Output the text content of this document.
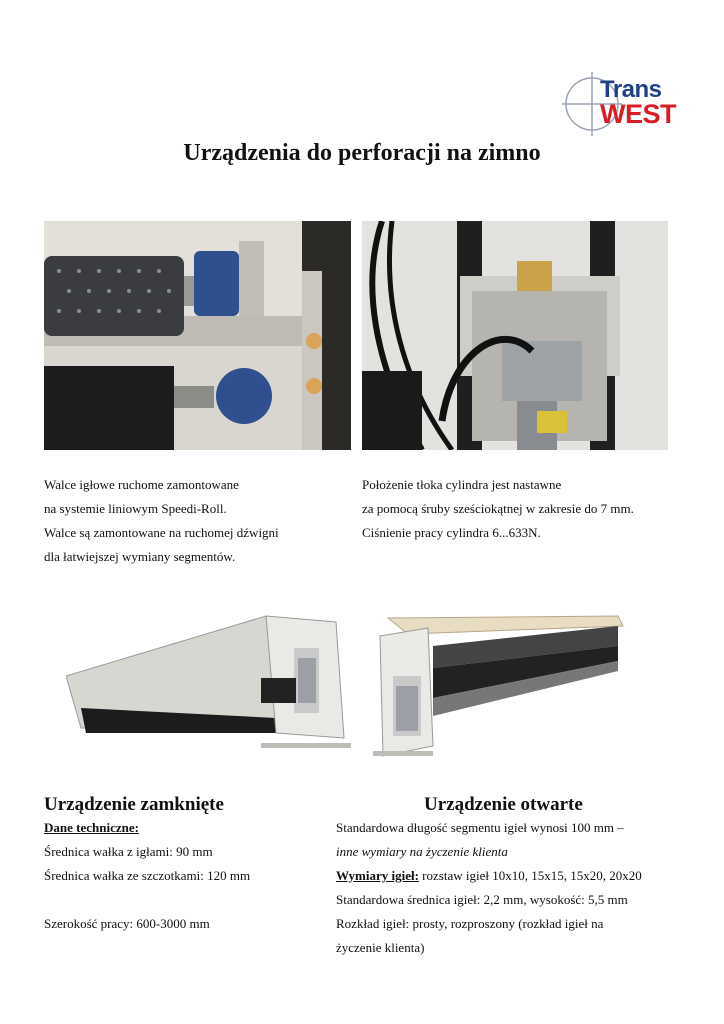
Trans
WEST
Urządzenia do perforacji na zimno
Walce igłowe ruchome zamontowane
na systemie liniowym Speedi-Roll.
Walce są zamontowane na ruchomej dźwigni
dla łatwiejszej wymiany segmentów.
Położenie tłoka cylindra jest nastawne
za pomocą śruby sześciokątnej w zakresie do 7 mm.
Ciśnienie pracy cylindra 6...633N.
Urządzenie zamknięte	Urządzenie otwarte
Dane techniczne:
Średnica wałka z igłami: 90 mm
Średnica wałka ze szczotkami: 120 mm
Szerokość pracy: 600-3000 mm
Standardowa długość segmentu igieł wynosi 100 mm –
inne wymiary na życzenie klienta
Wymiary igieł: rozstaw igieł 10x10, 15x15, 15x20, 20x20
Standardowa średnica igieł: 2,2 mm, wysokość: 5,5 mm
Rozkład igieł: prosty, rozproszony (rozkład igieł na
życzenie klienta)
